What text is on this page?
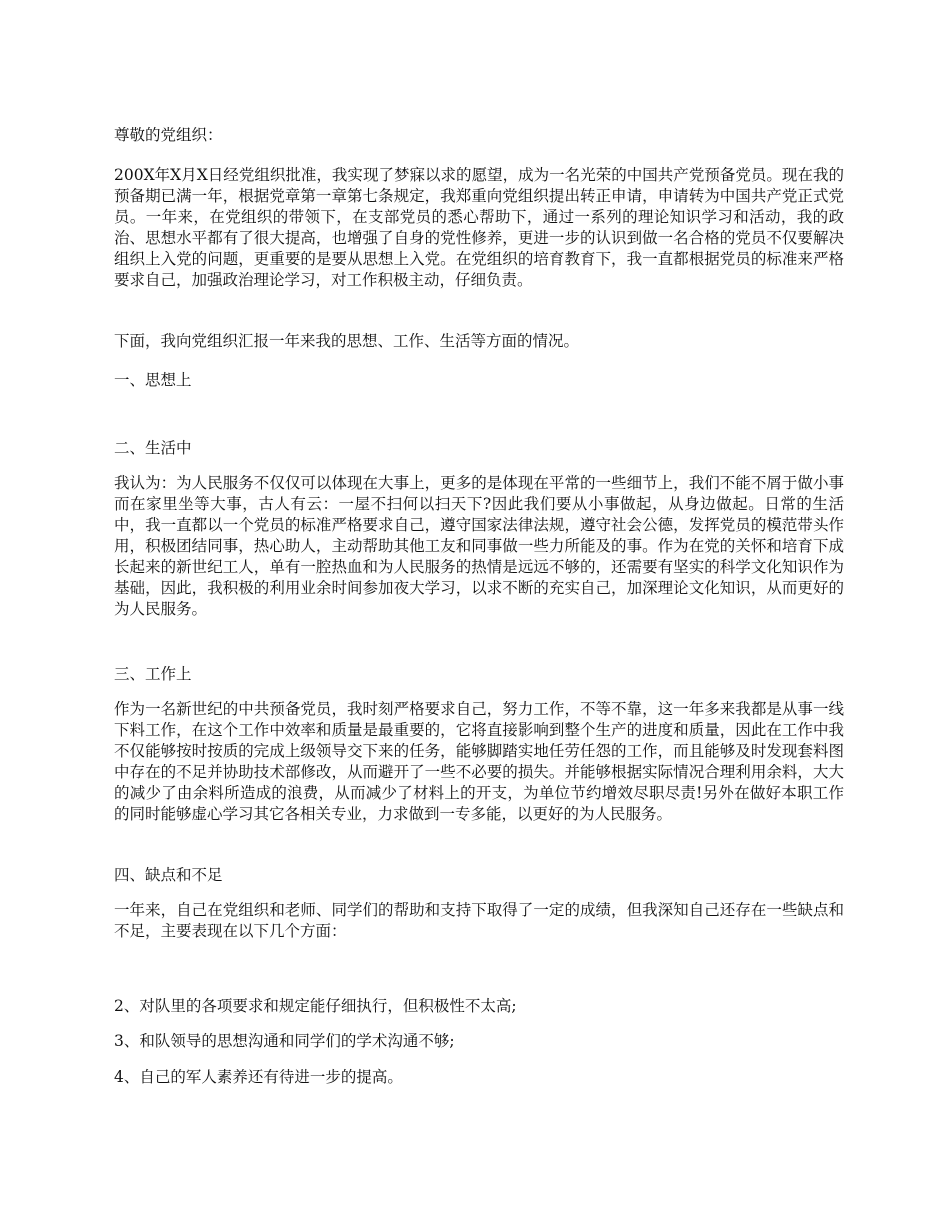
尊敬的党组织：

200X年X月X日经党组织批准，我实现了梦寐以求的愿望，成为一名光荣的中国共产党预备党员。现在我的预备期已满一年，根据党章第一章第七条规定，我郑重向党组织提出转正申请，申请转为中国共产党正式党员。一年来，在党组织的带领下，在支部党员的悉心帮助下，通过一系列的理论知识学习和活动，我的政治、思想水平都有了很大提高，也增强了自身的党性修养，更进一步的认识到做一名合格的党员不仅要解决组织上入党的问题，更重要的是要从思想上入党。在党组织的培育教育下，我一直都根据党员的标准来严格要求自己，加强政治理论学习，对工作积极主动，仔细负责。

下面，我向党组织汇报一年来我的思想、工作、生活等方面的情况。

一、思想上

二、生活中

我认为：为人民服务不仅仅可以体现在大事上，更多的是体现在平常的一些细节上，我们不能不屑于做小事而在家里坐等大事，古人有云：一屋不扫何以扫天下?因此我们要从小事做起，从身边做起。日常的生活中，我一直都以一个党员的标准严格要求自己，遵守国家法律法规，遵守社会公德，发挥党员的模范带头作用，积极团结同事，热心助人，主动帮助其他工友和同事做一些力所能及的事。作为在党的关怀和培育下成长起来的新世纪工人，单有一腔热血和为人民服务的热情是远远不够的，还需要有坚实的科学文化知识作为基础，因此，我积极的利用业余时间参加夜大学习，以求不断的充实自己，加深理论文化知识，从而更好的为人民服务。

三、工作上

作为一名新世纪的中共预备党员，我时刻严格要求自己，努力工作，不等不靠，这一年多来我都是从事一线下料工作，在这个工作中效率和质量是最重要的，它将直接影响到整个生产的进度和质量，因此在工作中我不仅能够按时按质的完成上级领导交下来的任务，能够脚踏实地任劳任怨的工作，而且能够及时发现套料图中存在的不足并协助技术部修改，从而避开了一些不必要的损失。并能够根据实际情况合理利用余料，大大的减少了由余料所造成的浪费，从而减少了材料上的开支，为单位节约增效尽职尽责!另外在做好本职工作的同时能够虚心学习其它各相关专业，力求做到一专多能，以更好的为人民服务。

四、缺点和不足

一年来，自己在党组织和老师、同学们的帮助和支持下取得了一定的成绩，但我深知自己还存在一些缺点和不足，主要表现在以下几个方面：

2、对队里的各项要求和规定能仔细执行，但积极性不太高;

3、和队领导的思想沟通和同学们的学术沟通不够;

4、自己的军人素养还有待进一步的提高。
